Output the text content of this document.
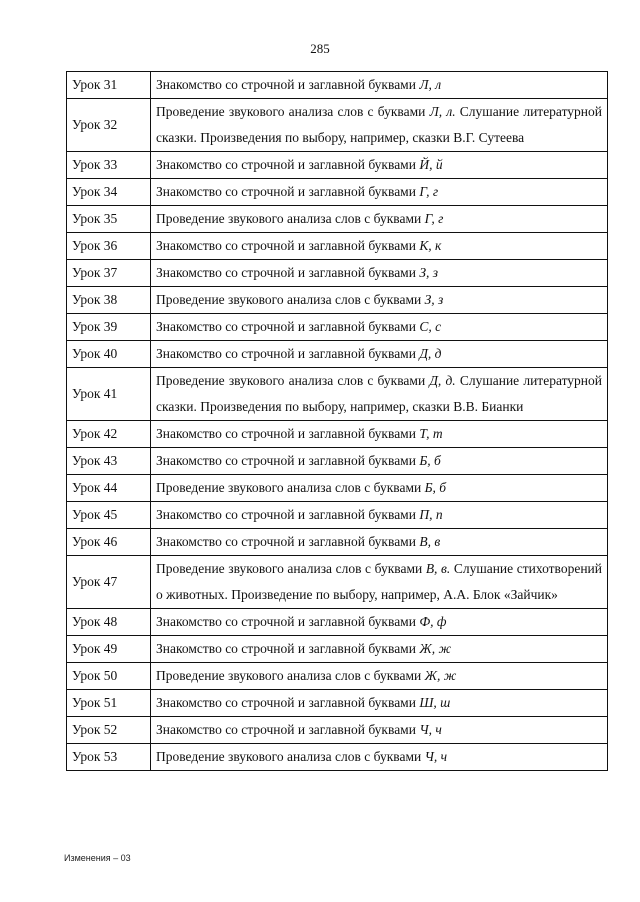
285
Урок 31	Знакомство со строчной и заглавной буквами Л, л
Урок 32	Проведение звукового анализа слов с буквами Л, л. Слушание литературной сказки. Произведения по выбору, например, сказки В.Г. Сутеева
Урок 33	Знакомство со строчной и заглавной буквами Й, й
Урок 34	Знакомство со строчной и заглавной буквами Г, г
Урок 35	Проведение звукового анализа слов с буквами Г, г
Урок 36	Знакомство со строчной и заглавной буквами К, к
Урок 37	Знакомство со строчной и заглавной буквами З, з
Урок 38	Проведение звукового анализа слов с буквами З, з
Урок 39	Знакомство со строчной и заглавной буквами С, с
Урок 40	Знакомство со строчной и заглавной буквами Д, д
Урок 41	Проведение звукового анализа слов с буквами Д, д. Слушание литературной сказки. Произведения по выбору, например, сказки В.В. Бианки
Урок 42	Знакомство со строчной и заглавной буквами Т, т
Урок 43	Знакомство со строчной и заглавной буквами Б, б
Урок 44	Проведение звукового анализа слов с буквами Б, б
Урок 45	Знакомство со строчной и заглавной буквами П, п
Урок 46	Знакомство со строчной и заглавной буквами В, в
Урок 47	Проведение звукового анализа слов с буквами В, в. Слушание стихотворений о животных. Произведение по выбору, например, А.А. Блок «Зайчик»
Урок 48	Знакомство со строчной и заглавной буквами Ф, ф
Урок 49	Знакомство со строчной и заглавной буквами Ж, ж
Урок 50	Проведение звукового анализа слов с буквами Ж, ж
Урок 51	Знакомство со строчной и заглавной буквами Ш, ш
Урок 52	Знакомство со строчной и заглавной буквами Ч, ч
Урок 53	Проведение звукового анализа слов с буквами Ч, ч
Изменения – 03
